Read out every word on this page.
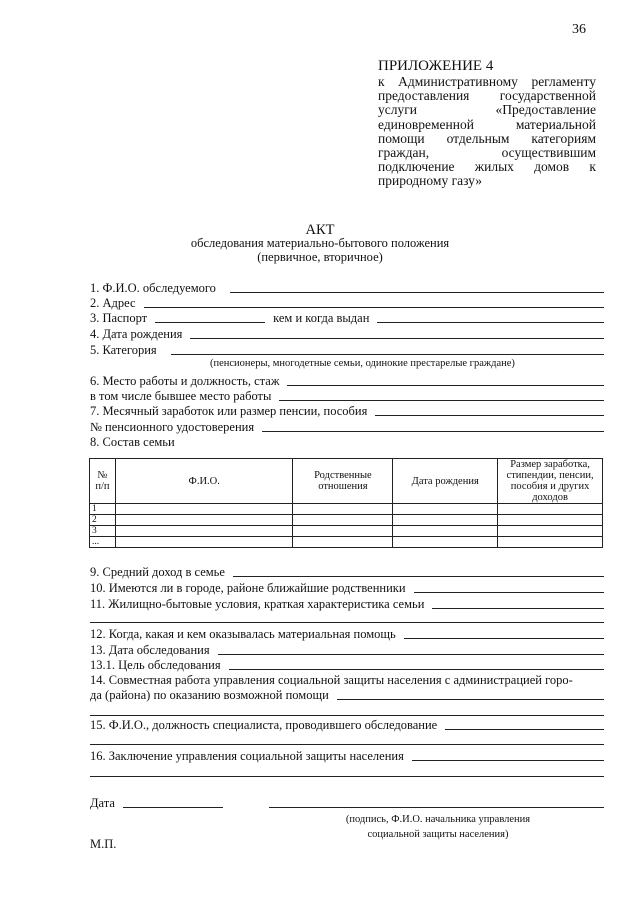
36
ПРИЛОЖЕНИЕ 4
к Административному регламенту предоставления государственной услуги «Предоставление единовременной материальной помощи отдельным категориям граждан, осуществившим подключение жилых домов к природному газу»
АКТ
обследования материально-бытового положения
(первичное, вторичное)
1. Ф.И.О. обследуемого
2. Адрес
3. Паспорт	кем и когда выдан
4. Дата рождения
5. Категория
(пенсионеры, многодетные семьи, одинокие престарелые граждане)
6. Место работы и должность, стаж
в том числе бывшее место работы
7. Месячный заработок или размер пенсии, пособия
№ пенсионного удостоверения
8. Состав семьи
№ п/п	Ф.И.О.	Родственные отношения	Дата рождения	Размер заработка, стипендии, пенсии, пособия и других доходов
1				
2				
3				
...				
9. Средний доход в семье
10. Имеются ли в городе, районе ближайшие родственники
11. Жилищно-бытовые условия, краткая характеристика семьи
12. Когда, какая и кем оказывалась материальная помощь
13. Дата обследования
13.1. Цель обследования
14. Совместная работа управления социальной защиты населения с администрацией горо-
да (района) по оказанию возможной помощи
15. Ф.И.О., должность специалиста, проводившего обследование
16. Заключение управления социальной защиты населения
Дата
(подпись, Ф.И.О. начальника управления
социальной защиты населения)
М.П.
